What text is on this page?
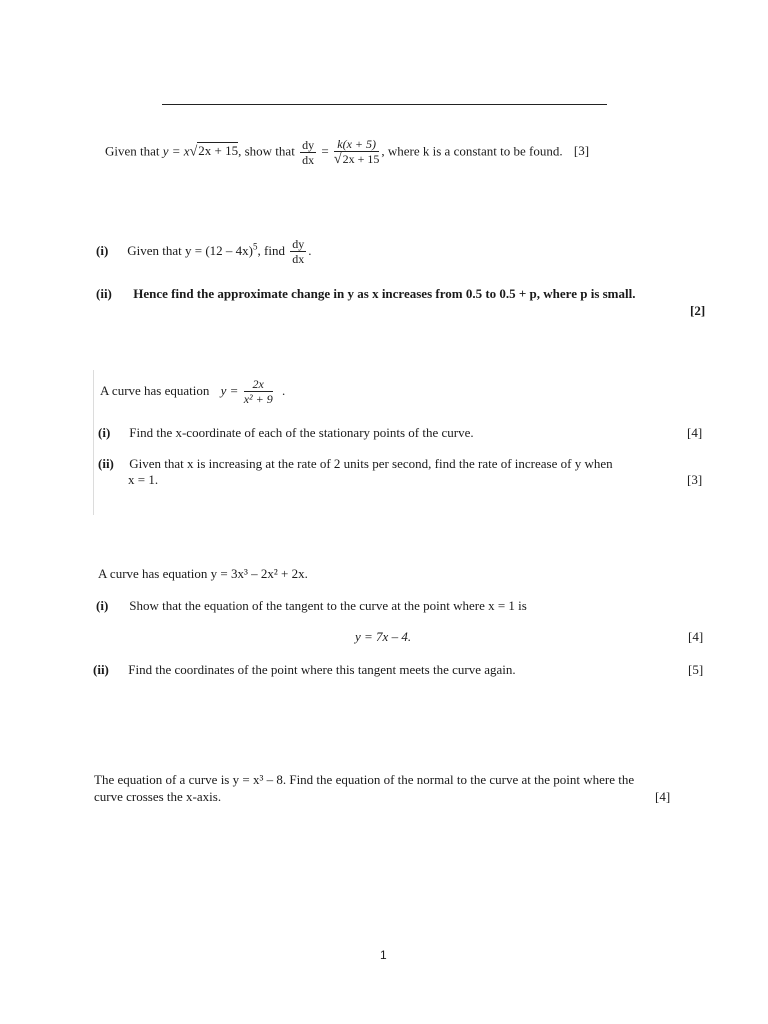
Given that y = x√2x + 15, show that $\frac{dy}{dx} = \frac{k(x + 5)}{√2x + 15}$ , where k is a constant to be found. [3]
(i) Given that y = (12 – 4x)$^5$, find $\frac{dy}{dx}$ .
(ii) Hence find the approximate change in y as x increases from 0.5 to 0.5 + p, where p is small.
[2]
A curve has equation $y = \frac{2x}{\text{x² + 9}}$ .
(i) Find the x-coordinate of each of the stationary points of the curve.	[4]
(ii) Given that x is increasing at the rate of 2 units per second, find the rate of increase of y when
x = 1.	[3]
A curve has equation y = 3x³ – 2x² + 2x.
(i) Show that the equation of the tangent to the curve at the point where x = 1 is
y = 7x – 4.	[4]
(ii) Find the coordinates of the point where this tangent meets the curve again.	[5]
The equation of a curve is y = x³ – 8. Find the equation of the normal to the curve at the point where the
curve crosses the x-axis.	[4]
1
